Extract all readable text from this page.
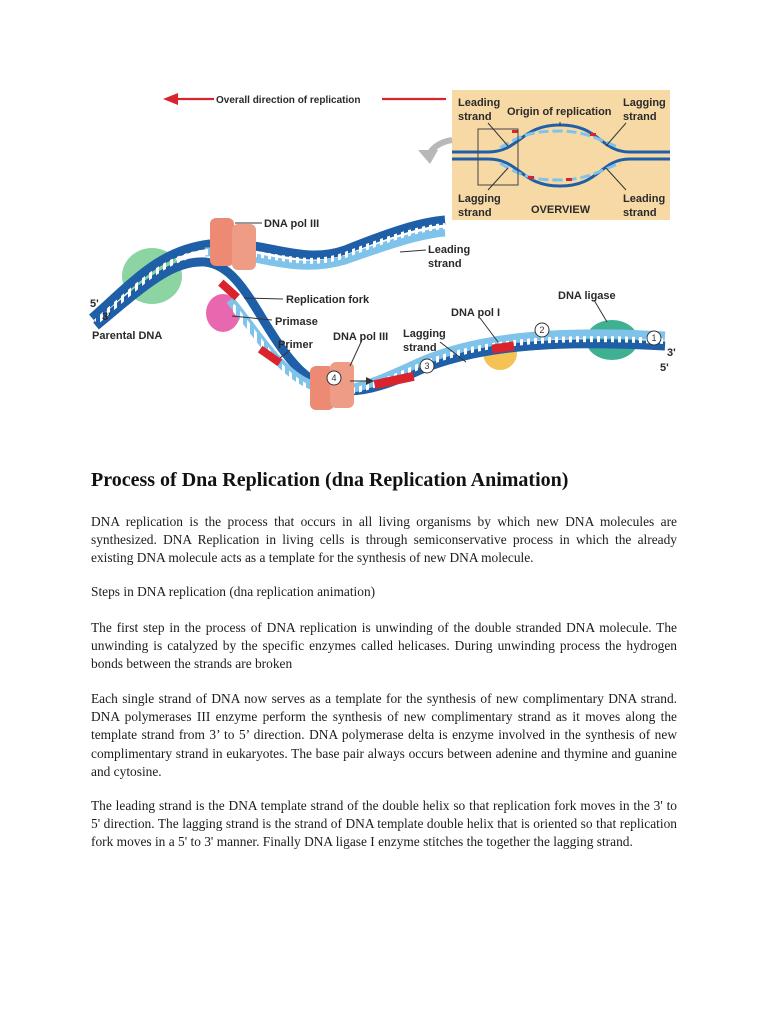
Overall direction of replication	Leading
strand Origin of replication
Lagging
strand
Lagging
strand	OVERVIEW
Leading
strand
1
2
3
4
DNA pol III
Leading
strand
Replication fork
Primase
Primer
DNA pol III Lagging
strand
DNA pol I
DNA ligase
Parental DNA
5'
3'
3'
5'
Process of Dna Replication (dna Replication Animation)

DNA replication is the process that occurs in all living organisms by which new DNA molecules are synthesized. DNA Replication in living cells is through semiconservative process in which the already existing DNA molecule acts as a template for the synthesis of new DNA molecule.

Steps in DNA replication (dna replication animation)

The first step in the process of DNA replication is unwinding of the double stranded DNA molecule. The unwinding is catalyzed by the specific enzymes called helicases. During unwinding process the hydrogen bonds between the strands are broken

Each single strand of DNA now serves as a template for the synthesis of new complimentary DNA strand. DNA polymerases III enzyme perform the synthesis of new complimentary strand as it moves along the template strand from 3’ to 5’ direction. DNA polymerase delta is enzyme involved in the synthesis of new complimentary strand in eukaryotes. The base pair always occurs between adenine and thymine and guanine and cytosine.

The leading strand is the DNA template strand of the double helix so that replication fork moves in the 3' to 5' direction. The lagging strand is the strand of DNA template double helix that is oriented so that replication fork moves in a 5' to 3' manner. Finally DNA ligase I enzyme stitches the together the lagging strand.
